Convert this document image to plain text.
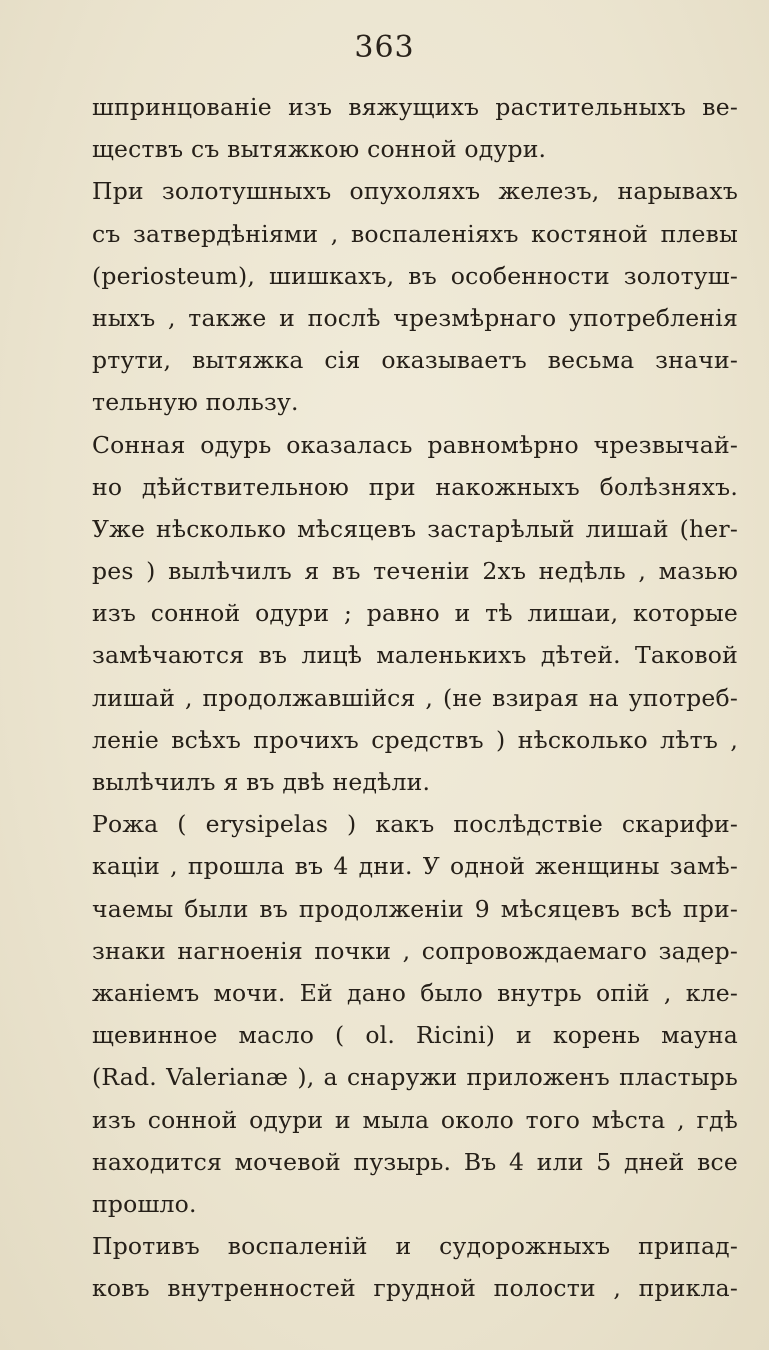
363
шпринцованіе изъ вяжущихъ растительныхъ ве-
ществъ съ вытяжкою сонной одури.
При золотушныхъ опухоляхъ железъ, нарывахъ
съ затвердѣніями , воспаленіяхъ костяной плевы
(periosteum), шишкахъ, въ особенности золотуш-
ныхъ , также и послѣ чрезмѣрнаго употребленія
ртути, вытяжка сія оказываетъ весьма значи-
тельную пользу.
Сонная одурь оказалась равномѣрно чрезвычай-
но дѣйствительною при накожныхъ болѣзняхъ.
Уже нѣсколько мѣсяцевъ застарѣлый лишай (her-
pes ) вылѣчилъ я въ теченіи 2хъ недѣль , мазью
изъ сонной одури ; равно и тѣ лишаи, которые
замѣчаются въ лицѣ маленькихъ дѣтей. Таковой
лишай , продолжавшійся , (не взирая на употреб-
леніе всѣхъ прочихъ средствъ ) нѣсколько лѣтъ ,
вылѣчилъ я въ двѣ недѣли.
Рожа ( erysipelas ) какъ послѣдствіе скарифи-
каціи , прошла въ 4 дни. У одной женщины замѣ-
чаемы были въ продолженіи 9 мѣсяцевъ всѣ при-
знаки нагноенія почки , сопровождаемаго задер-
жаніемъ мочи. Ей дано было внутрь опій , кле-
щевинное масло ( ol. Ricini) и корень мауна
(Rad. Valerianæ ), а снаружи приложенъ пластырь
изъ сонной одури и мыла около того мѣста , гдѣ
находится мочевой пузырь. Въ 4 или 5 дней все
прошло.
Противъ воспаленій и судорожныхъ припад-
ковъ внутренностей грудной полости , прикла-
